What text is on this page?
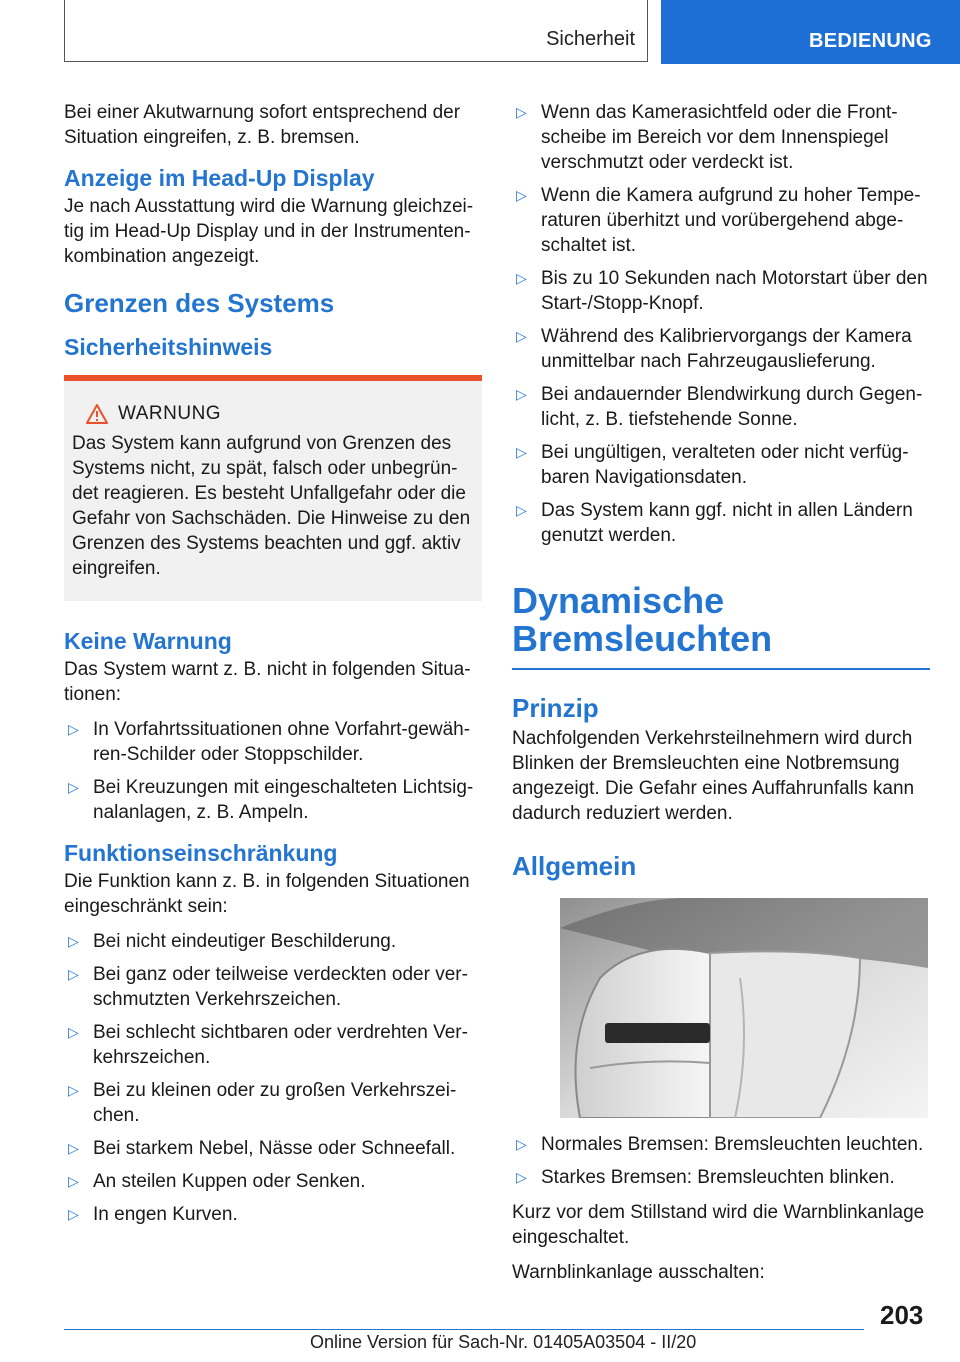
Sicherheit	BEDIENUNG

Bei einer Akutwarnung sofort entsprechend der Situation eingreifen, z. B. bremsen.

Anzeige im Head-Up Display

Je nach Ausstattung wird die Warnung gleichzeitig im Head-Up Display und in der Instrumentenkombination angezeigt.

Grenzen des Systems
Sicherheitshinweis
WARNUNG

Das System kann aufgrund von Grenzen des Systems nicht, zu spät, falsch oder unbegründet reagieren. Es besteht Unfallgefahr oder die Gefahr von Sachschäden. Die Hinweise zu den Grenzen des Systems beachten und ggf. aktiv eingreifen.

Keine Warnung

Das System warnt z. B. nicht in folgenden Situationen:

▷ In Vorfahrtssituationen ohne Vorfahrt-gewähren-Schilder oder Stoppschilder.
▷ Bei Kreuzungen mit eingeschalteten Lichtsignalanlagen, z. B. Ampeln.
Funktionseinschränkung

Die Funktion kann z. B. in folgenden Situationen eingeschränkt sein:

▷ Bei nicht eindeutiger Beschilderung.
▷ Bei ganz oder teilweise verdeckten oder verschmutzten Verkehrszeichen.
▷ Bei schlecht sichtbaren oder verdrehten Verkehrszeichen.
▷ Bei zu kleinen oder zu großen Verkehrszeichen.
▷ Bei starkem Nebel, Nässe oder Schneefall.
▷ An steilen Kuppen oder Senken.
▷ In engen Kurven.
▷ Wenn das Kamerasichtfeld oder die Frontscheibe im Bereich vor dem Innenspiegel verschmutzt oder verdeckt ist.
▷ Wenn die Kamera aufgrund zu hoher Temperaturen überhitzt und vorübergehend abgeschaltet ist.
▷ Bis zu 10 Sekunden nach Motorstart über den Start-/Stopp-Knopf.
▷ Während des Kalibriervorgangs der Kamera unmittelbar nach Fahrzeugauslieferung.
▷ Bei andauernder Blendwirkung durch Gegenlicht, z. B. tiefstehende Sonne.
▷ Bei ungültigen, veralteten oder nicht verfügbaren Navigationsdaten.
▷ Das System kann ggf. nicht in allen Ländern genutzt werden.
Dynamische
Bremsleuchten
Prinzip

Nachfolgenden Verkehrsteilnehmern wird durch Blinken der Bremsleuchten eine Notbremsung angezeigt. Die Gefahr eines Auffahrunfalls kann dadurch reduziert werden.

Allgemein
▷ Normales Bremsen: Bremsleuchten leuchten.
▷ Starkes Bremsen: Bremsleuchten blinken.

Kurz vor dem Stillstand wird die Warnblinkanlage eingeschaltet.

Warnblinkanlage ausschalten:

203
Online Version für Sach-Nr. 01405A03504 - II/20
